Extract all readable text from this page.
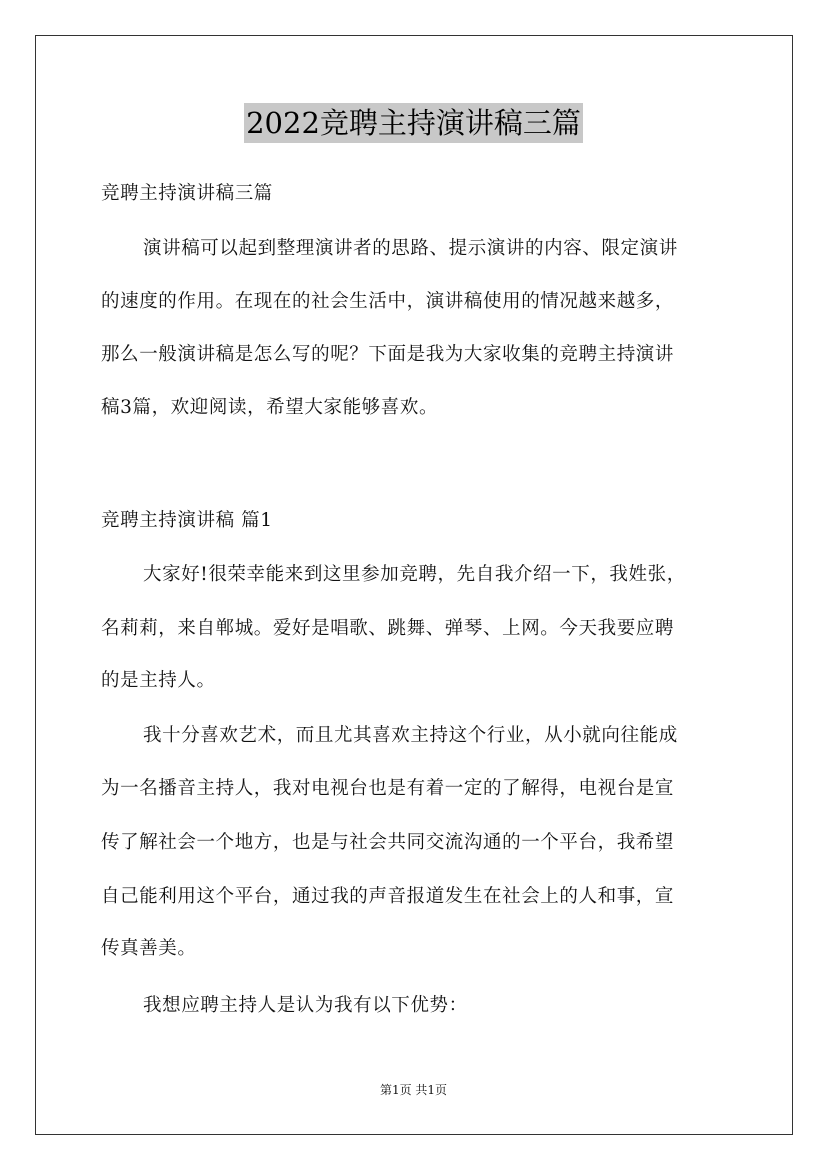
2022竞聘主持演讲稿三篇
竞聘主持演讲稿三篇
演讲稿可以起到整理演讲者的思路、提示演讲的内容、限定演讲
的速度的作用。在现在的社会生活中，演讲稿使用的情况越来越多，
那么一般演讲稿是怎么写的呢？下面是我为大家收集的竞聘主持演讲
稿3篇，欢迎阅读，希望大家能够喜欢。
竞聘主持演讲稿 篇1
大家好!很荣幸能来到这里参加竞聘，先自我介绍一下，我姓张，
名莉莉，来自郸城。爱好是唱歌、跳舞、弹琴、上网。今天我要应聘
的是主持人。
我十分喜欢艺术，而且尤其喜欢主持这个行业，从小就向往能成
为一名播音主持人，我对电视台也是有着一定的了解得，电视台是宣
传了解社会一个地方，也是与社会共同交流沟通的一个平台，我希望
自己能利用这个平台，通过我的声音报道发生在社会上的人和事，宣
传真善美。
我想应聘主持人是认为我有以下优势：
第1页 共1页
